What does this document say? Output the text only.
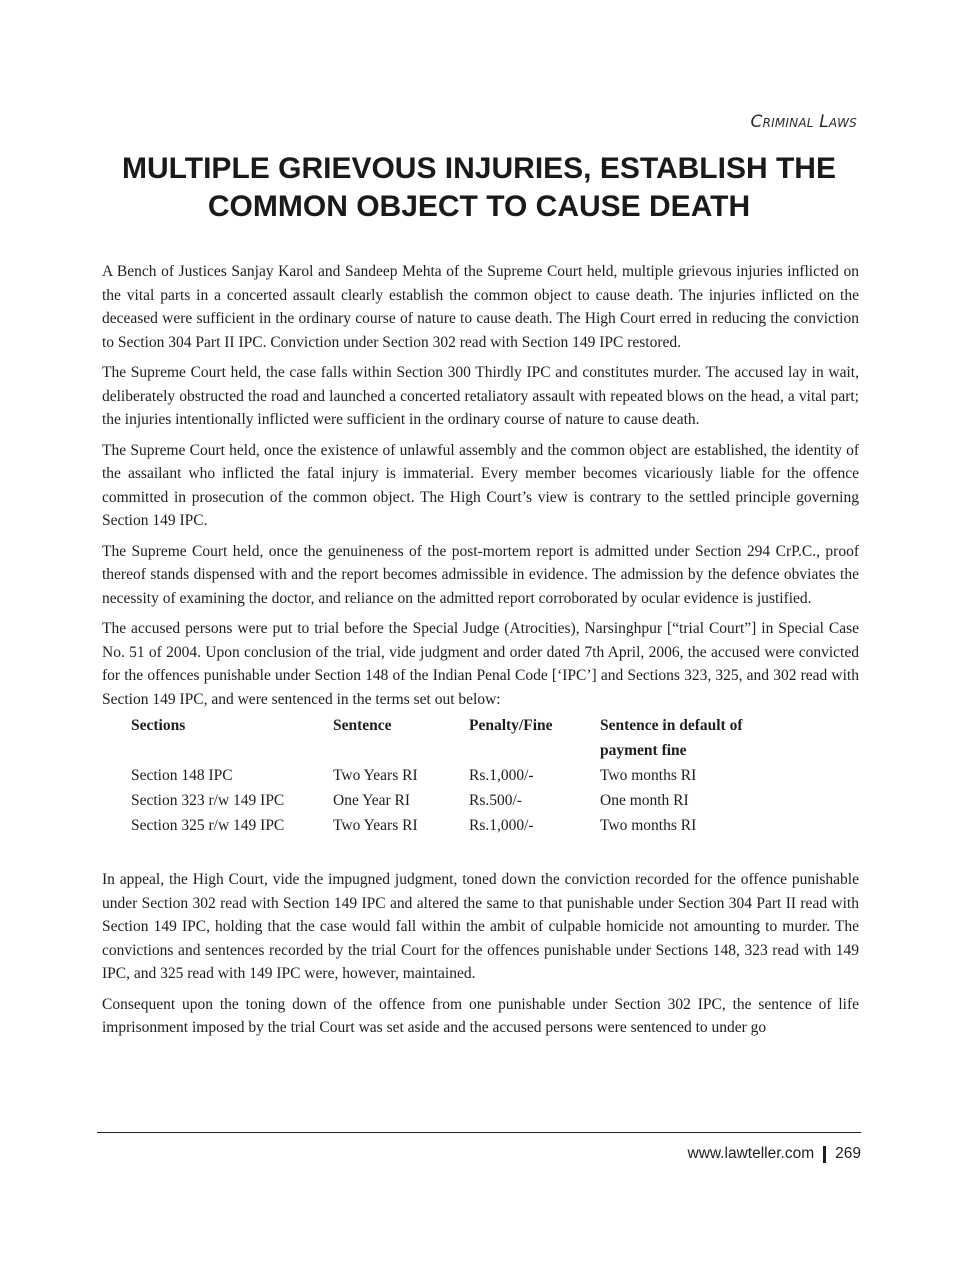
Criminal Laws
MULTIPLE GRIEVOUS INJURIES, ESTABLISH THE COMMON OBJECT TO CAUSE DEATH

A Bench of Justices Sanjay Karol and Sandeep Mehta of the Supreme Court held, multiple grievous injuries inflicted on the vital parts in a concerted assault clearly establish the common object to cause death. The injuries inflicted on the deceased were sufficient in the ordinary course of nature to cause death. The High Court erred in reducing the conviction to Section 304 Part II IPC. Conviction under Section 302 read with Section 149 IPC restored.

The Supreme Court held, the case falls within Section 300 Thirdly IPC and constitutes murder. The accused lay in wait, deliberately obstructed the road and launched a concerted retaliatory assault with repeated blows on the head, a vital part; the injuries intentionally inflicted were sufficient in the ordinary course of nature to cause death.

The Supreme Court held, once the existence of unlawful assembly and the common object are established, the identity of the assailant who inflicted the fatal injury is immaterial. Every member becomes vicariously liable for the offence committed in prosecution of the common object. The High Court’s view is contrary to the settled principle governing Section 149 IPC.

The Supreme Court held, once the genuineness of the post-mortem report is admitted under Section 294 CrP.C., proof thereof stands dispensed with and the report becomes admissible in evidence. The admission by the defence obviates the necessity of examining the doctor, and reliance on the admitted report corroborated by ocular evidence is justified.

The accused persons were put to trial before the Special Judge (Atrocities), Narsinghpur [“trial Court”] in Special Case No. 51 of 2004. Upon conclusion of the trial, vide judgment and order dated 7th April, 2006, the accused were convicted for the offences punishable under Section 148 of the Indian Penal Code [‘IPC’] and Sections 323, 325, and 302 read with Section 149 IPC, and were sentenced in the terms set out below:

Sections	Sentence	Penalty/Fine	Sentence in default of payment fine
Section 148 IPC	Two Years RI	Rs.1,000/-	Two months RI
Section 323 r/w 149 IPC	One Year RI	Rs.500/-	One month RI
Section 325 r/w 149 IPC	Two Years RI	Rs.1,000/-	Two months RI

In appeal, the High Court, vide the impugned judgment, toned down the conviction recorded for the offence punishable under Section 302 read with Section 149 IPC and altered the same to that punishable under Section 304 Part II read with Section 149 IPC, holding that the case would fall within the ambit of culpable homicide not amounting to murder. The convictions and sentences recorded by the trial Court for the offences punishable under Sections 148, 323 read with 149 IPC, and 325 read with 149 IPC were, however, maintained.

Consequent upon the toning down of the offence from one punishable under Section 302 IPC, the sentence of life imprisonment imposed by the trial Court was set aside and the accused persons were sentenced to under go

www.lawteller.com 269
